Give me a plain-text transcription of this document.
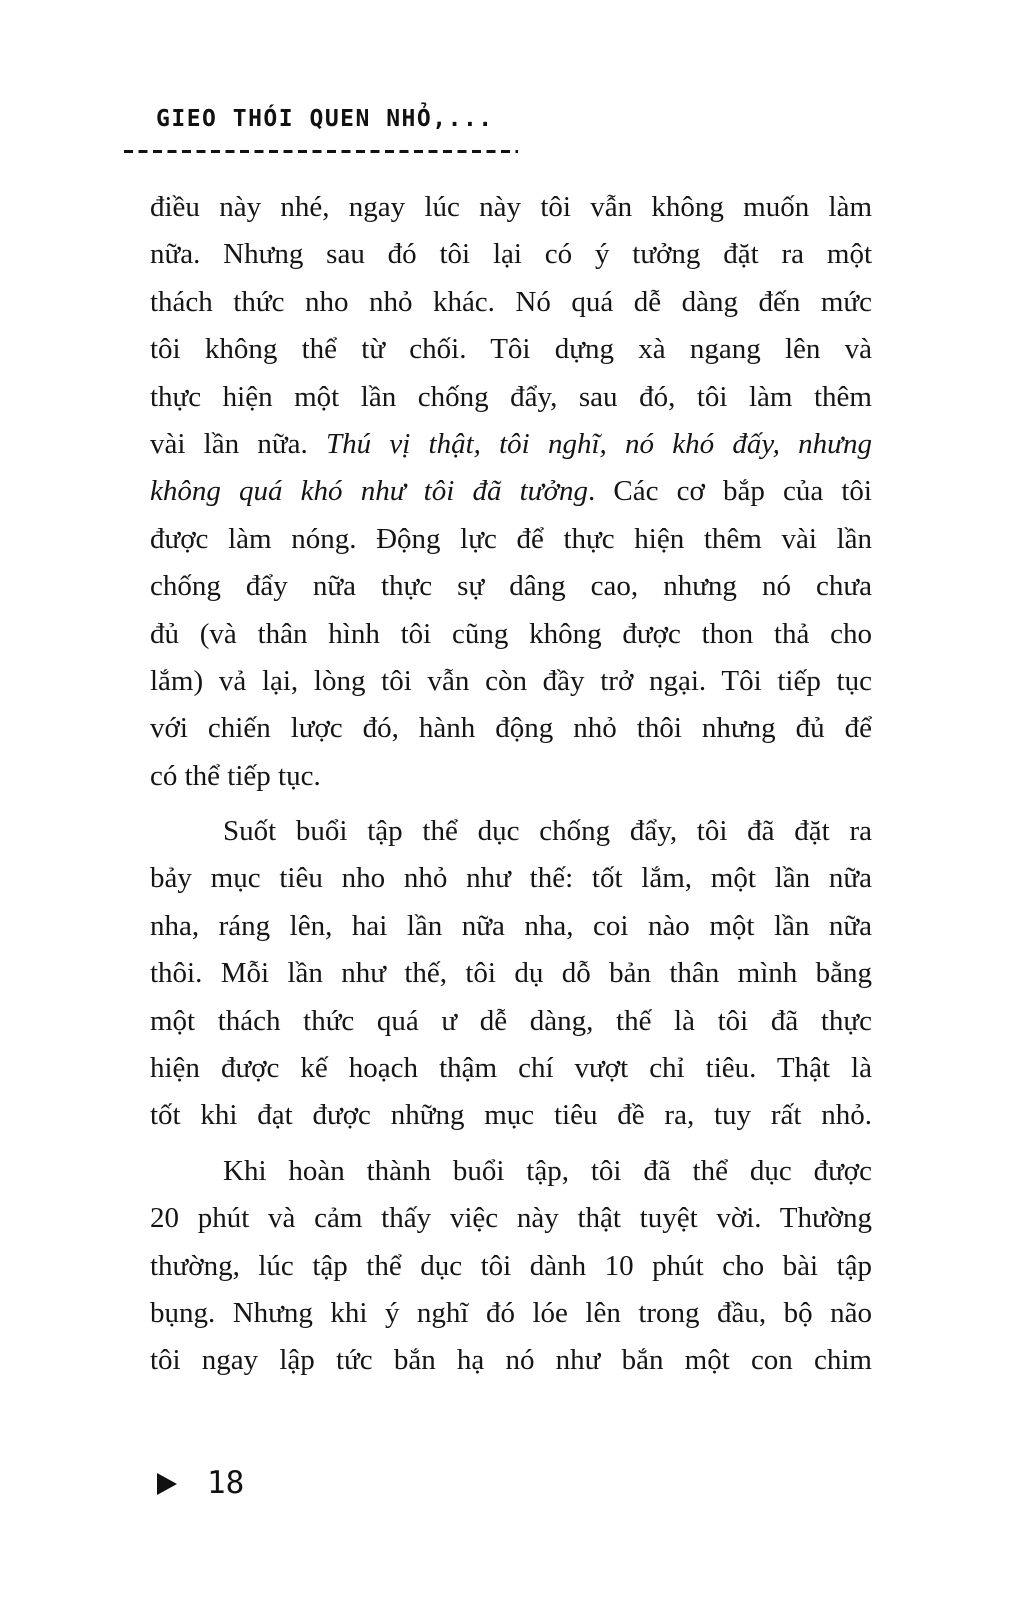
GIEO THÓI QUEN NHỎ,...
điều này nhé, ngay lúc này tôi vẫn không muốn làm
nữa. Nhưng sau đó tôi lại có ý tưởng đặt ra một
thách thức nho nhỏ khác. Nó quá dễ dàng đến mức
tôi không thể từ chối. Tôi dựng xà ngang lên và
thực hiện một lần chống đẩy, sau đó, tôi làm thêm
vài lần nữa. Thú vị thật, tôi nghĩ, nó khó đấy, nhưng
không quá khó như tôi đã tưởng. Các cơ bắp của tôi
được làm nóng. Động lực để thực hiện thêm vài lần
chống đẩy nữa thực sự dâng cao, nhưng nó chưa
đủ (và thân hình tôi cũng không được thon thả cho
lắm) vả lại, lòng tôi vẫn còn đầy trở ngại. Tôi tiếp tục
với chiến lược đó, hành động nhỏ thôi nhưng đủ để
có thể tiếp tục.
Suốt buổi tập thể dục chống đẩy, tôi đã đặt ra
bảy mục tiêu nho nhỏ như thế: tốt lắm, một lần nữa
nha, ráng lên, hai lần nữa nha, coi nào một lần nữa
thôi. Mỗi lần như thế, tôi dụ dỗ bản thân mình bằng
một thách thức quá ư dễ dàng, thế là tôi đã thực
hiện được kế hoạch thậm chí vượt chỉ tiêu. Thật là
tốt khi đạt được những mục tiêu đề ra, tuy rất nhỏ.
Khi hoàn thành buổi tập, tôi đã thể dục được
20 phút và cảm thấy việc này thật tuyệt vời. Thường
thường, lúc tập thể dục tôi dành 10 phút cho bài tập
bụng. Nhưng khi ý nghĩ đó lóe lên trong đầu, bộ não
tôi ngay lập tức bắn hạ nó như bắn một con chim
18
